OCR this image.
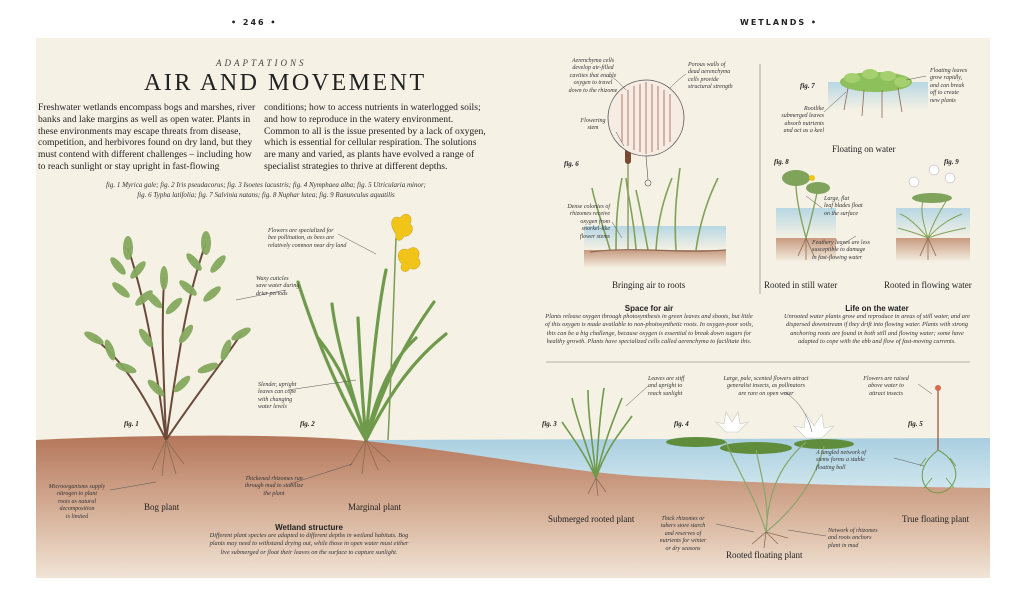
• 246 •	WETLANDS •
ADAPTATIONS
AIR AND MOVEMENT
Freshwater wetlands encompass bogs and marshes, river
banks and lake margins as well as open water. Plants in
these environments may escape threats from disease,
competition, and herbivores found on dry land, but they
must contend with different challenges – including how
to reach sunlight or stay upright in fast-flowing
conditions; how to access nutrients in waterlogged soils;
and how to reproduce in the watery environment.
Common to all is the issue presented by a lack of oxygen,
which is essential for cellular respiration. The solutions
are many and varied, as plants have evolved a range of
specialist strategies to thrive at different depths.
fig. 1 Myrica gale; fig. 2 Iris pseudacorus; fig. 3 Isoetes lacustris; fig. 4 Nymphaea alba; fig. 5 Utricularia minor;
fig. 6 Typha latifolia; fig. 7 Salvinia natans; fig. 8 Nuphar lutea; fig. 9 Ranunculus aquatilis
fig. 1	fig. 2	fig. 3	fig. 4	fig. 5
fig. 6
fig. 7
fig. 8	fig. 9
Bog plant	Marginal plant
Submerged rooted plant
Rooted floating plant
True floating plant
Bringing air to roots
Floating on water
Rooted in still water	Rooted in flowing water
Aerenchyma cells
develop air-filled
cavities that enable
oxygen to travel
down to the rhizome
Porous walls of
dead aerenchyma
cells provide
structural strength
Flowering
stem
Dense colonies of
rhizomes receive
oxygen from
snorkel-like
flower stems
Rootlike
submerged leaves
absorb nutrients
and act as a keel
Floating leaves
grow rapidly,
and can break
off to create
new plants
Large, flat
leaf blades float
on the surface
Feathery leaves are less
susceptible to damage
in fast-flowing water
Flowers are specialized for
bee pollination, as bees are
relatively common near dry land
Waxy cuticles
save water during
drier periods
Slender, upright
leaves can cope
with changing
water levels
Thickened rhizomes run
through mud to stabilize
the plant
Microorganisms supply
nitrogen to plant
roots as natural
decomposition
is limited
Leaves are stiff
and upright to
reach sunlight
Large, pale, scented flowers attract
generalist insects, as pollinators
are rare on open water
Thick rhizomes or
tubers store starch
and reserves of
nutrients for winter
or dry seasons
Network of rhizomes
and roots anchors
plant in mud
Flowers are raised
above water to
attract insects
A tangled network of
stems forms a stable
floating ball
Wetland structure
Different plant species are adapted to different depths in wetland habitats. Bog
plants may need to withstand drying out, while those in open water must either
live submerged or float their leaves on the surface to capture sunlight.
Space for air
Plants release oxygen through photosynthesis in green leaves and shoots, but little
of this oxygen is made available to non-photosynthetic roots. In oxygen-poor soils,
this can be a big challenge, because oxygen is essential to break down sugars for
healthy growth. Plants have specialized cells called aerenchyma to facilitate this.
Life on the water
Unrooted water plants grow and reproduce in areas of still water, and are
dispersed downstream if they drift into flowing water. Plants with strong
anchoring roots are found in both still and flowing water; some have
adapted to cope with the ebb and flow of fast-moving currents.
